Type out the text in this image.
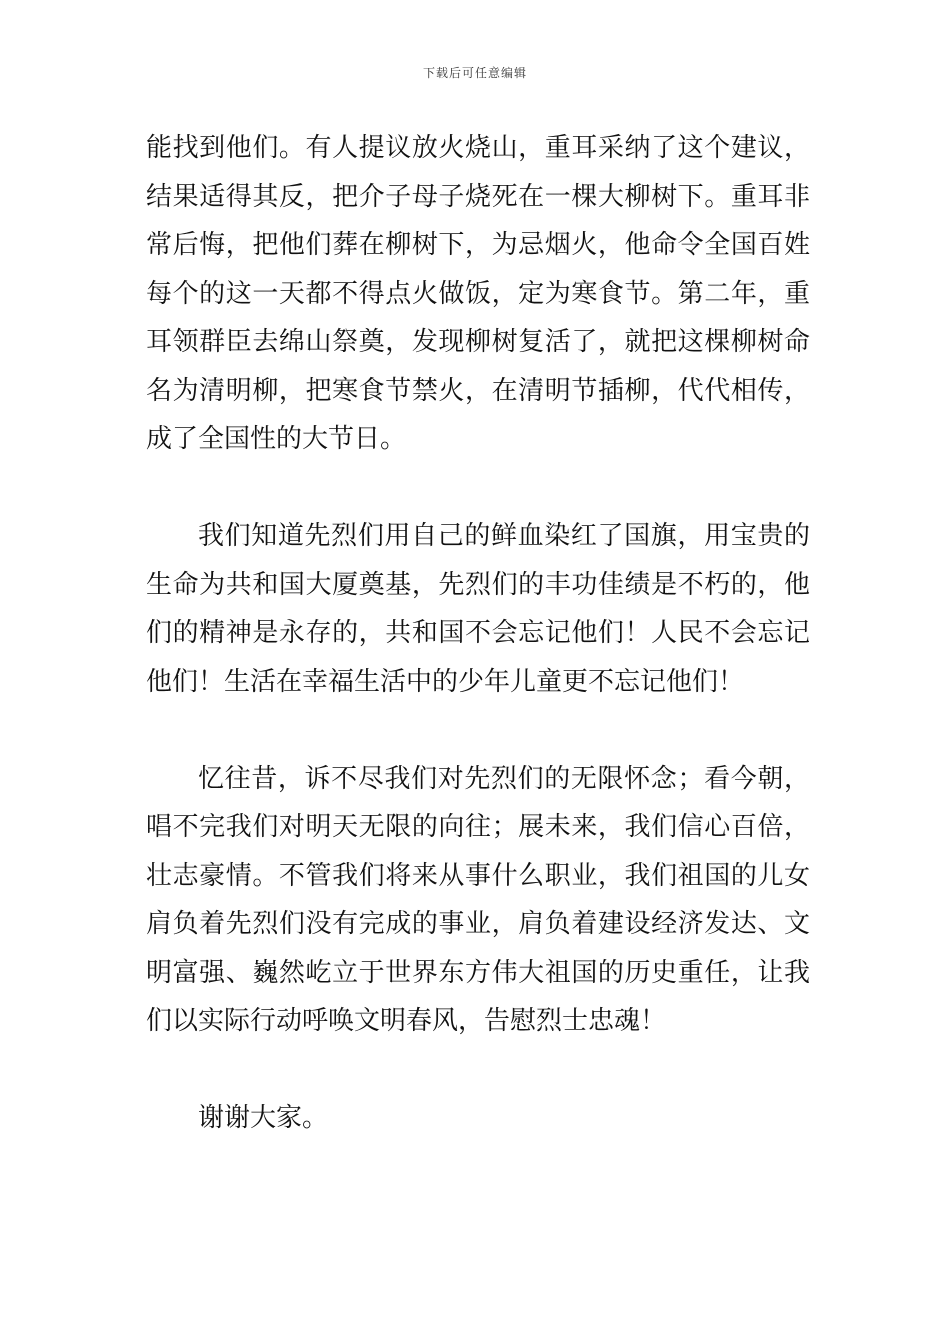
下载后可任意编辑

能找到他们。有人提议放火烧山，重耳采纳了这个建议，结果适得其反，把介子母子烧死在一棵大柳树下。重耳非常后悔，把他们葬在柳树下，为忌烟火，他命令全国百姓每个的这一天都不得点火做饭，定为寒食节。第二年，重耳领群臣去绵山祭奠，发现柳树复活了，就把这棵柳树命名为清明柳，把寒食节禁火，在清明节插柳，代代相传，成了全国性的大节日。

我们知道先烈们用自己的鲜血染红了国旗，用宝贵的生命为共和国大厦奠基，先烈们的丰功佳绩是不朽的，他们的精神是永存的，共和国不会忘记他们！人民不会忘记他们！生活在幸福生活中的少年儿童更不忘记他们！

忆往昔，诉不尽我们对先烈们的无限怀念；看今朝，唱不完我们对明天无限的向往；展未来，我们信心百倍，壮志豪情。不管我们将来从事什么职业，我们祖国的儿女肩负着先烈们没有完成的事业，肩负着建设经济发达、文明富强、巍然屹立于世界东方伟大祖国的历史重任，让我们以实际行动呼唤文明春风，告慰烈士忠魂！

谢谢大家。
